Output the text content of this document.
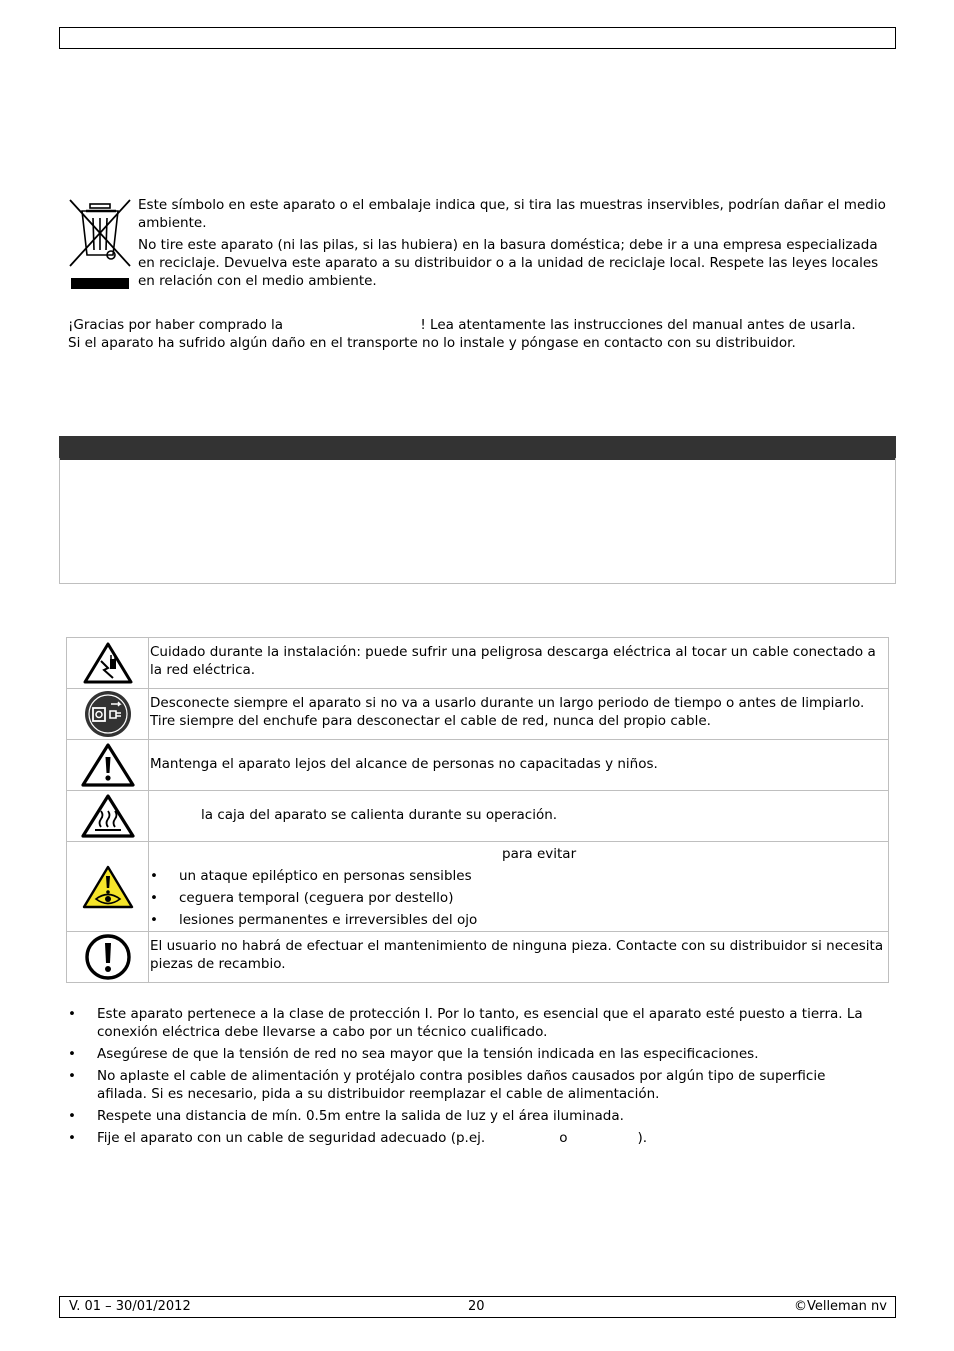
Este símbolo en este aparato o el embalaje indica que, si tira las muestras inservibles, podrían dañar el medio ambiente.

No tire este aparato (ni las pilas, si las hubiera) en la basura doméstica; debe ir a una empresa especializada en reciclaje. Devuelva este aparato a su distribuidor o a la unidad de reciclaje local. Respete las leyes locales en relación con el medio ambiente.

¡Gracias por haber comprado la	! Lea atentamente las instrucciones del manual antes de usarla. Si el aparato ha sufrido algún daño en el transporte no lo instale y póngase en contacto con su distribuidor.
Cuidado durante la instalación: puede sufrir una peligrosa descarga eléctrica al tocar un cable conectado a la red eléctrica.
Desconecte siempre el aparato si no va a usarlo durante un largo periodo de tiempo o antes de limpiarlo. Tire siempre del enchufe para desconectar el cable de red, nunca del propio cable.
Mantenga el aparato lejos del alcance de personas no capacitadas y niños.
la caja del aparato se calienta durante su operación.
para evitar
• un ataque epiléptico en personas sensibles
• ceguera temporal (ceguera por destello)
• lesiones permanentes e irreversibles del ojo
El usuario no habrá de efectuar el mantenimiento de ninguna pieza. Contacte con su distribuidor si necesita piezas de recambio.
• Este aparato pertenece a la clase de protección I. Por lo tanto, es esencial que el aparato esté puesto a tierra. La conexión eléctrica debe llevarse a cabo por un técnico cualificado.
• Asegúrese de que la tensión de red no sea mayor que la tensión indicada en las especificaciones.
• No aplaste el cable de alimentación y protéjalo contra posibles daños causados por algún tipo de superficie afilada. Si es necesario, pida a su distribuidor reemplazar el cable de alimentación.
• Respete una distancia de mín. 0.5m entre la salida de luz y el área iluminada.
• Fije el aparato con un cable de seguridad adecuado (p.ej.	o	).
V. 01 – 30/01/2012	20	©Velleman nv
